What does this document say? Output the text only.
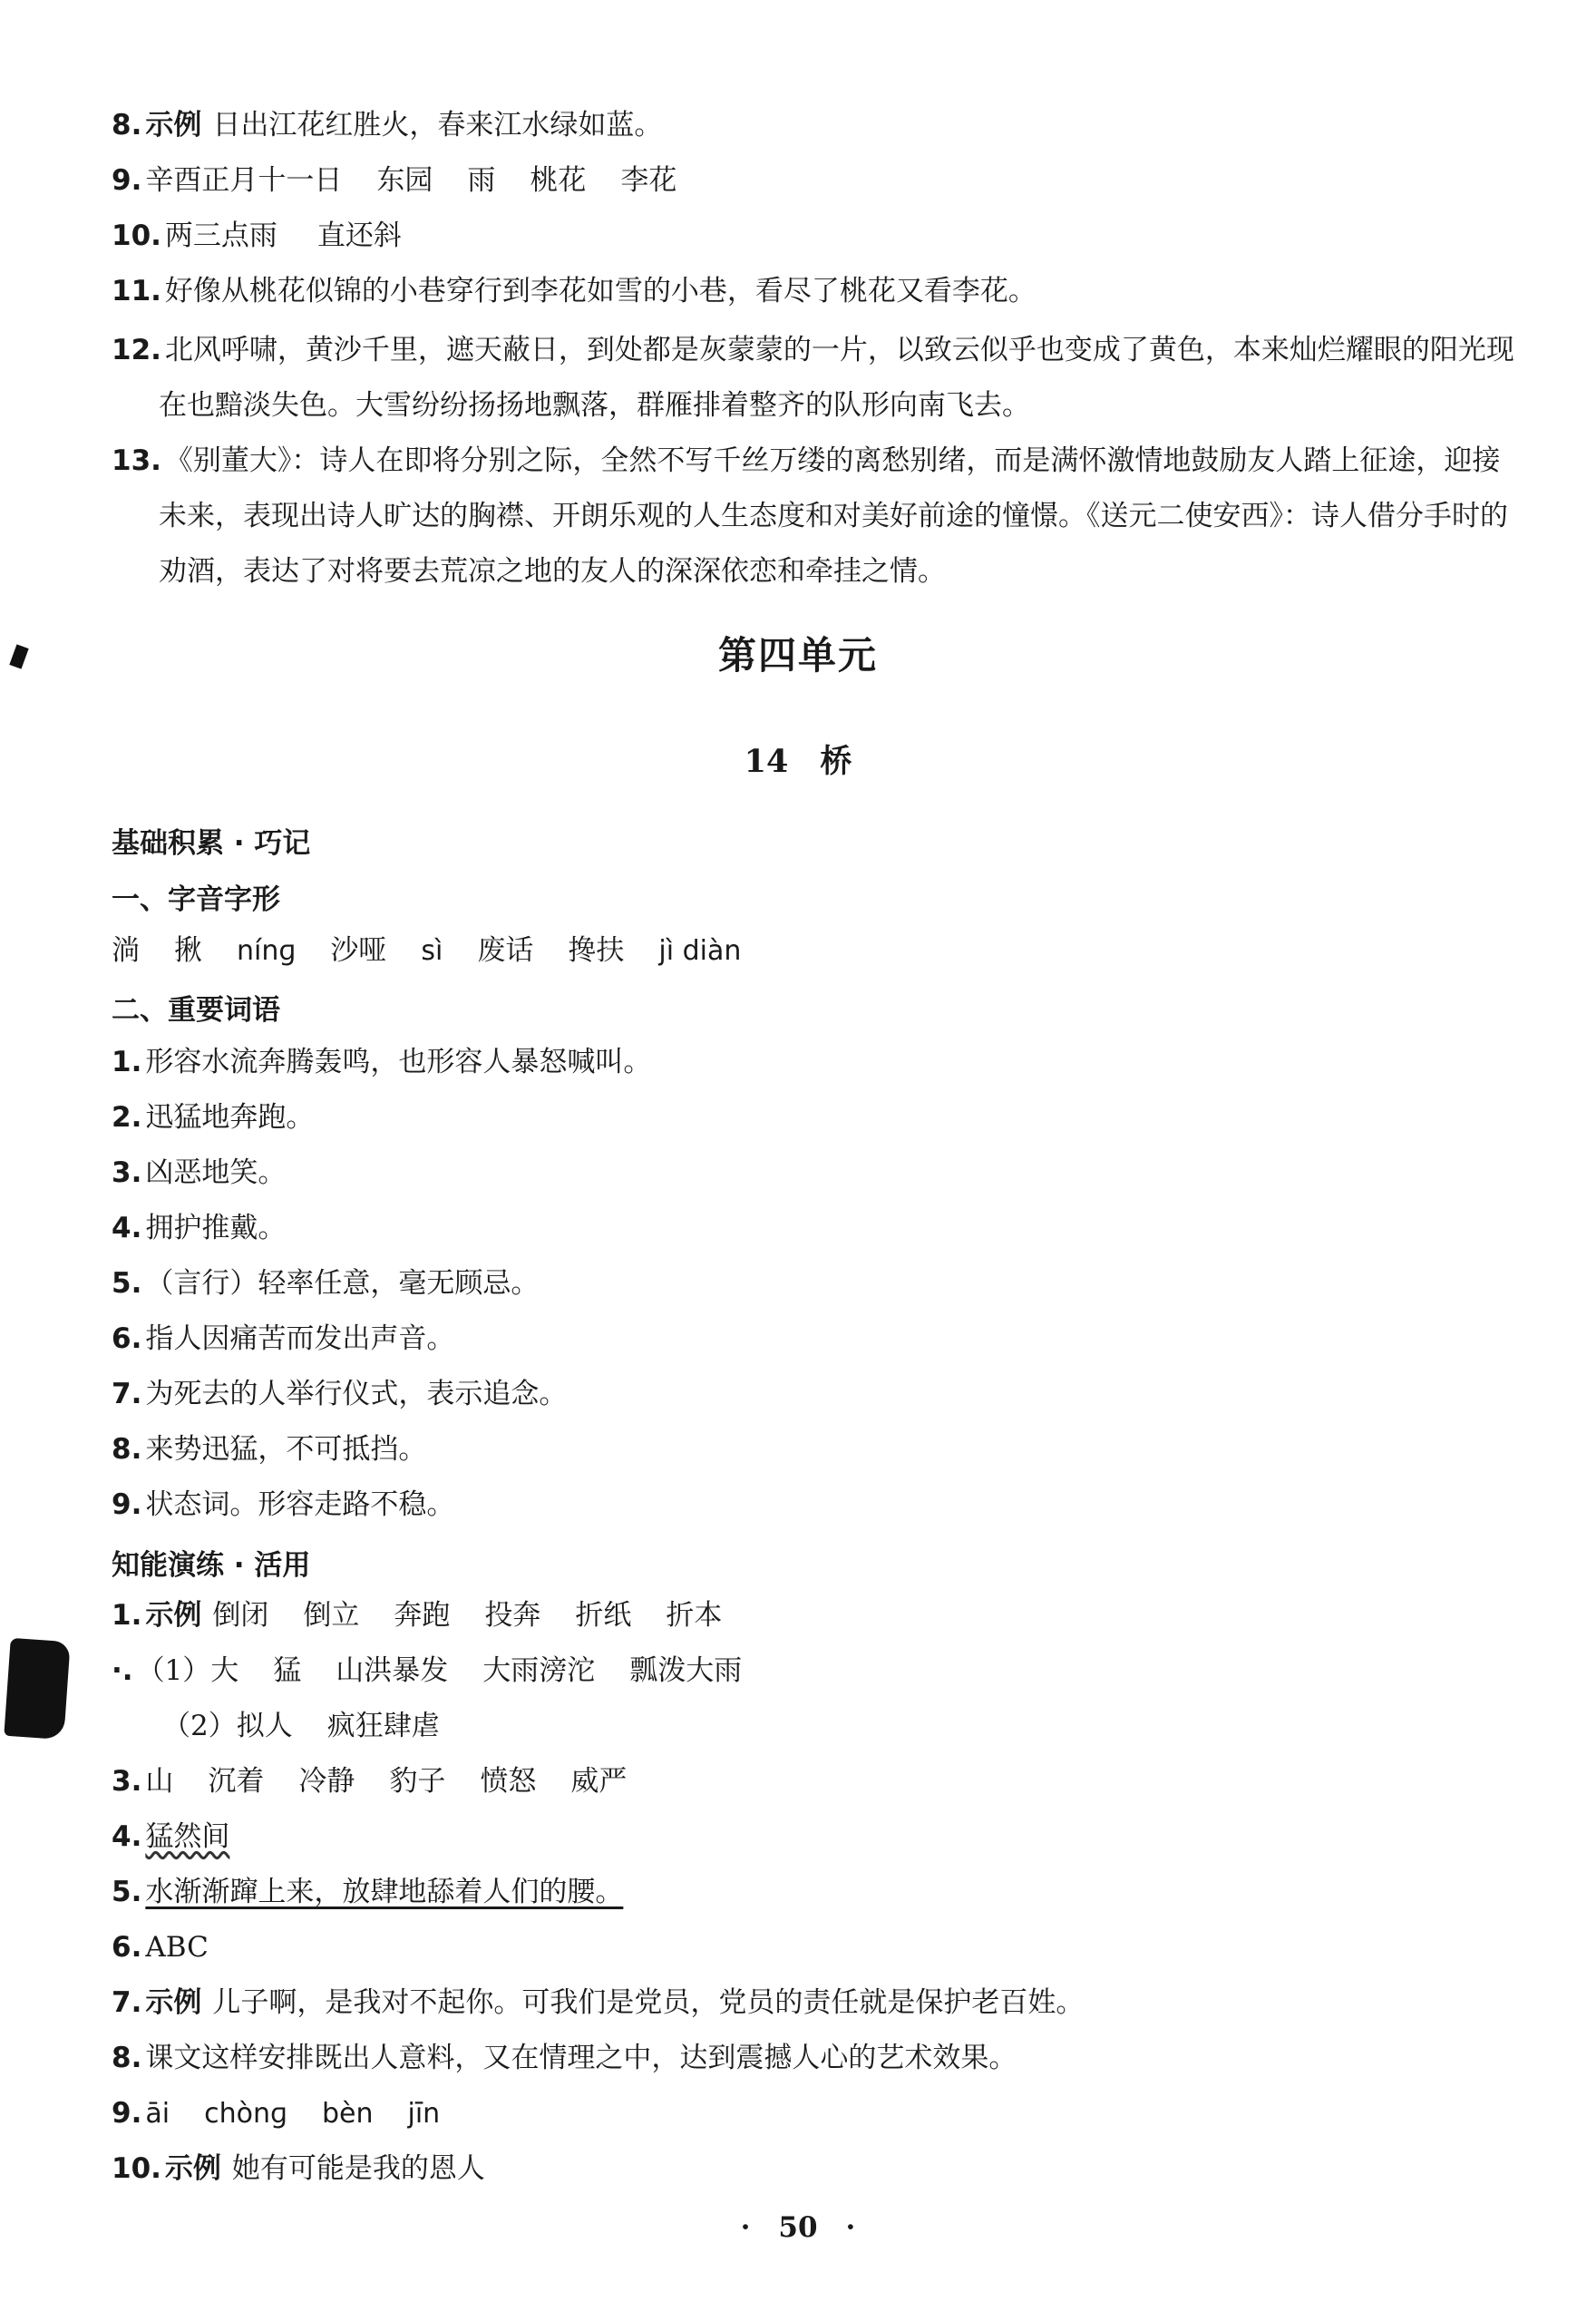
8. 示例 日出江花红胜火，春来江水绿如蓝。
9. 辛酉正月十一日 东园 雨 桃花 李花
10. 两三点雨 直还斜
11. 好像从桃花似锦的小巷穿行到李花如雪的小巷，看尽了桃花又看李花。
12. 北风呼啸，黄沙千里，遮天蔽日，到处都是灰蒙蒙的一片，以致云似乎也变成了黄色，本来灿烂耀眼的阳光现在也黯淡失色。大雪纷纷扬扬地飘落，群雁排着整齐的队形向南飞去。
13. 《别董大》：诗人在即将分别之际，全然不写千丝万缕的离愁别绪，而是满怀激情地鼓励友人踏上征途，迎接未来，表现出诗人旷达的胸襟、开朗乐观的人生态度和对美好前途的憧憬。《送元二使安西》：诗人借分手时的劝酒，表达了对将要去荒凉之地的友人的深深依恋和牵挂之情。
第四单元
14　桥
基础积累 · 巧记
一、字音字形
淌 揪 nínɡ 沙哑 sì 废话 搀扶 jì diàn
二、重要词语
1. 形容水流奔腾轰鸣，也形容人暴怒喊叫。
2. 迅猛地奔跑。
3. 凶恶地笑。
4. 拥护推戴。
5. （言行）轻率任意，毫无顾忌。
6. 指人因痛苦而发出声音。
7. 为死去的人举行仪式，表示追念。
8. 来势迅猛，不可抵挡。
9. 状态词。形容走路不稳。
知能演练 · 活用
1. 示例 倒闭 倒立 奔跑 投奔 折纸 折本
·. （1）大 猛 山洪暴发 大雨滂沱 瓢泼大雨
（2）拟人 疯狂肆虐
3. 山 沉着 冷静 豹子 愤怒 威严
4. 猛然间
5. 水渐渐蹿上来，放肆地舔着人们的腰。
6. ABC
7. 示例 儿子啊，是我对不起你。可我们是党员，党员的责任就是保护老百姓。
8. 课文这样安排既出人意料，又在情理之中，达到震撼人心的艺术效果。
9. āi chònɡ bèn jīn
10. 示例 她有可能是我的恩人
·　50　·
